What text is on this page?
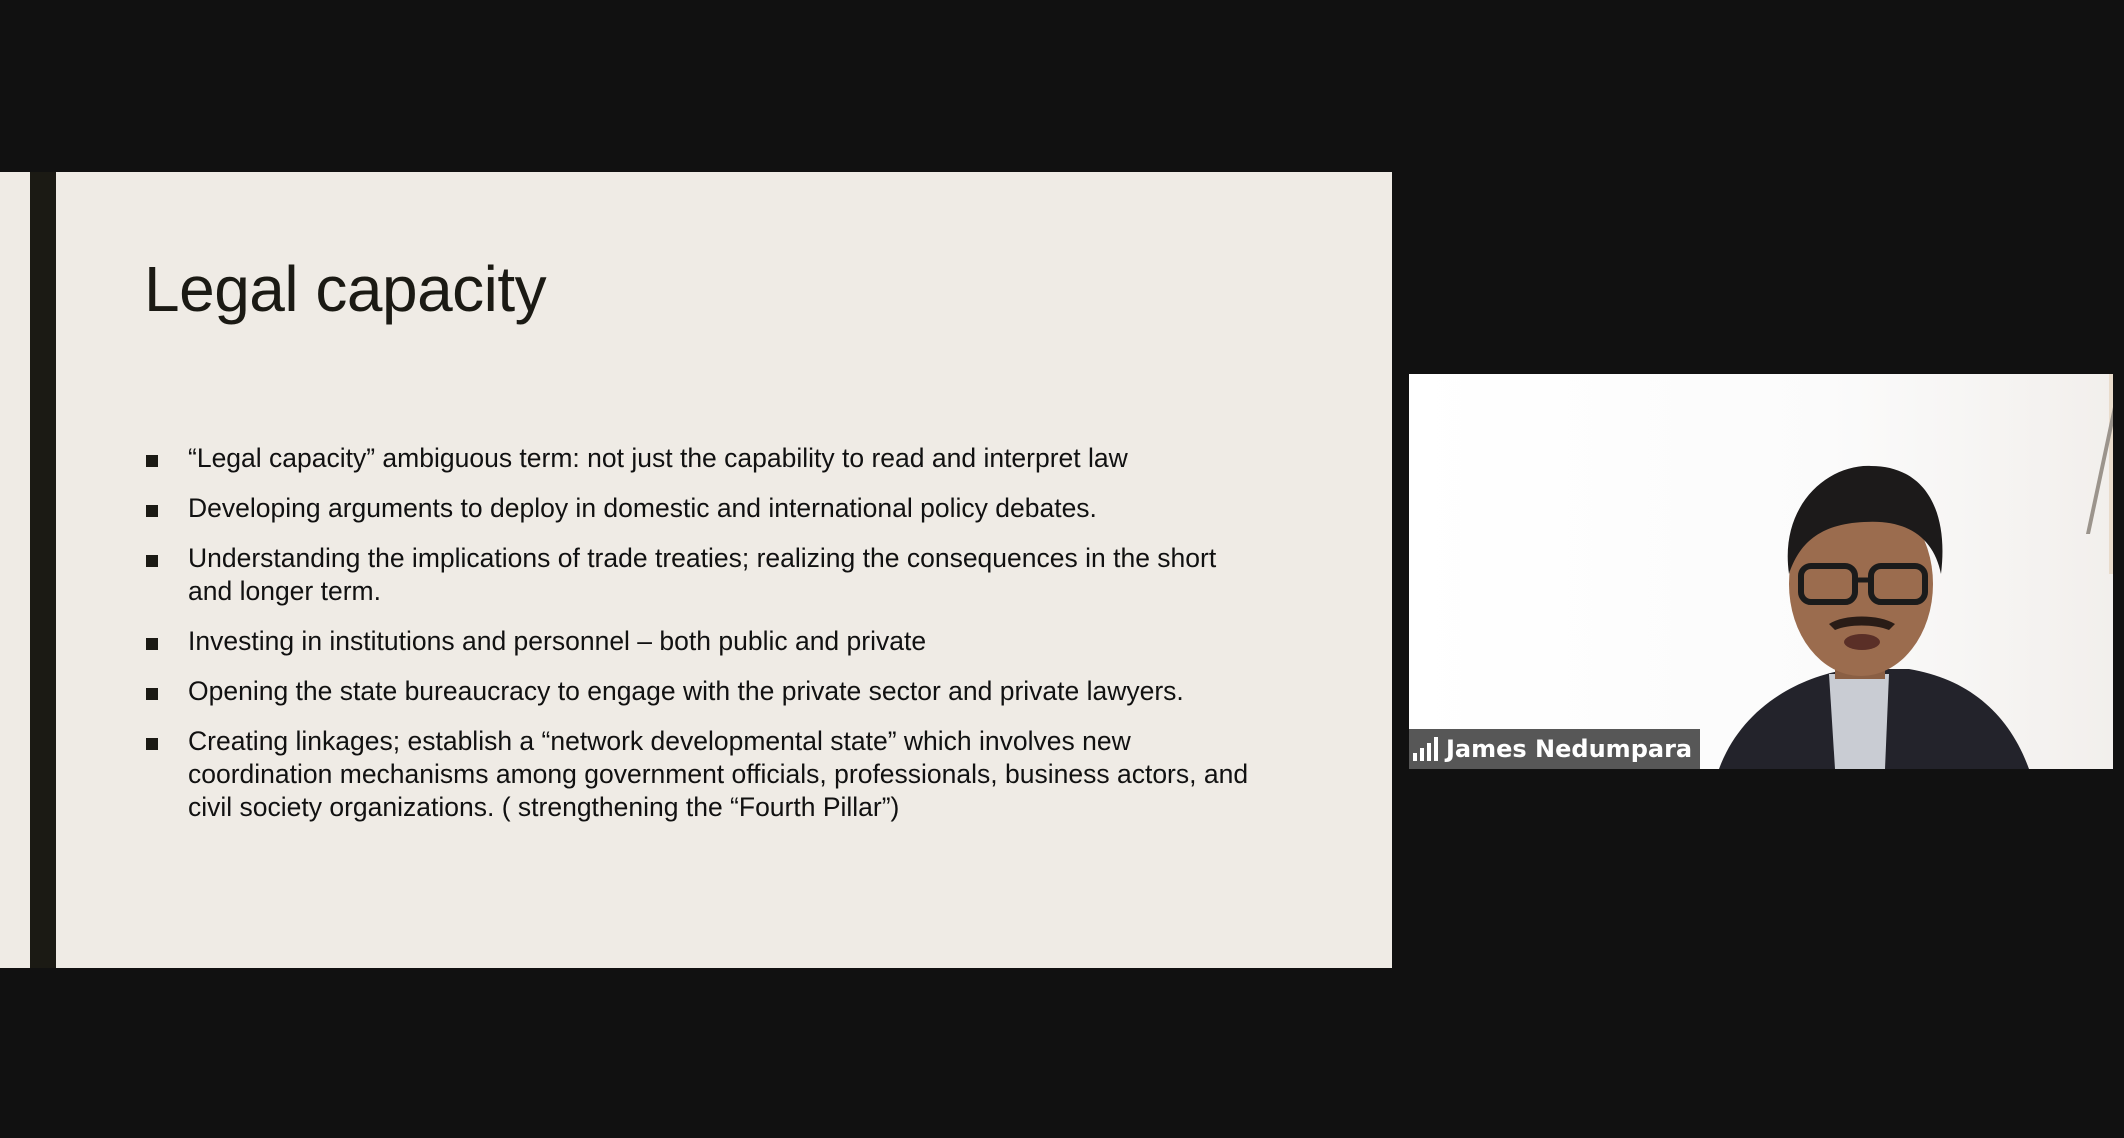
Legal capacity
“Legal capacity” ambiguous term: not just the capability to read and interpret law
Developing arguments to deploy in domestic and international policy debates.
Understanding the implications of trade treaties; realizing the consequences in the short and longer term.
Investing in institutions and personnel – both public and private
Opening the state bureaucracy to engage with the private sector and private lawyers.
Creating linkages; establish a “network developmental state” which involves new coordination mechanisms among government officials, professionals, business actors, and civil society organizations. ( strengthening the “Fourth Pillar”)
James Nedumpara
